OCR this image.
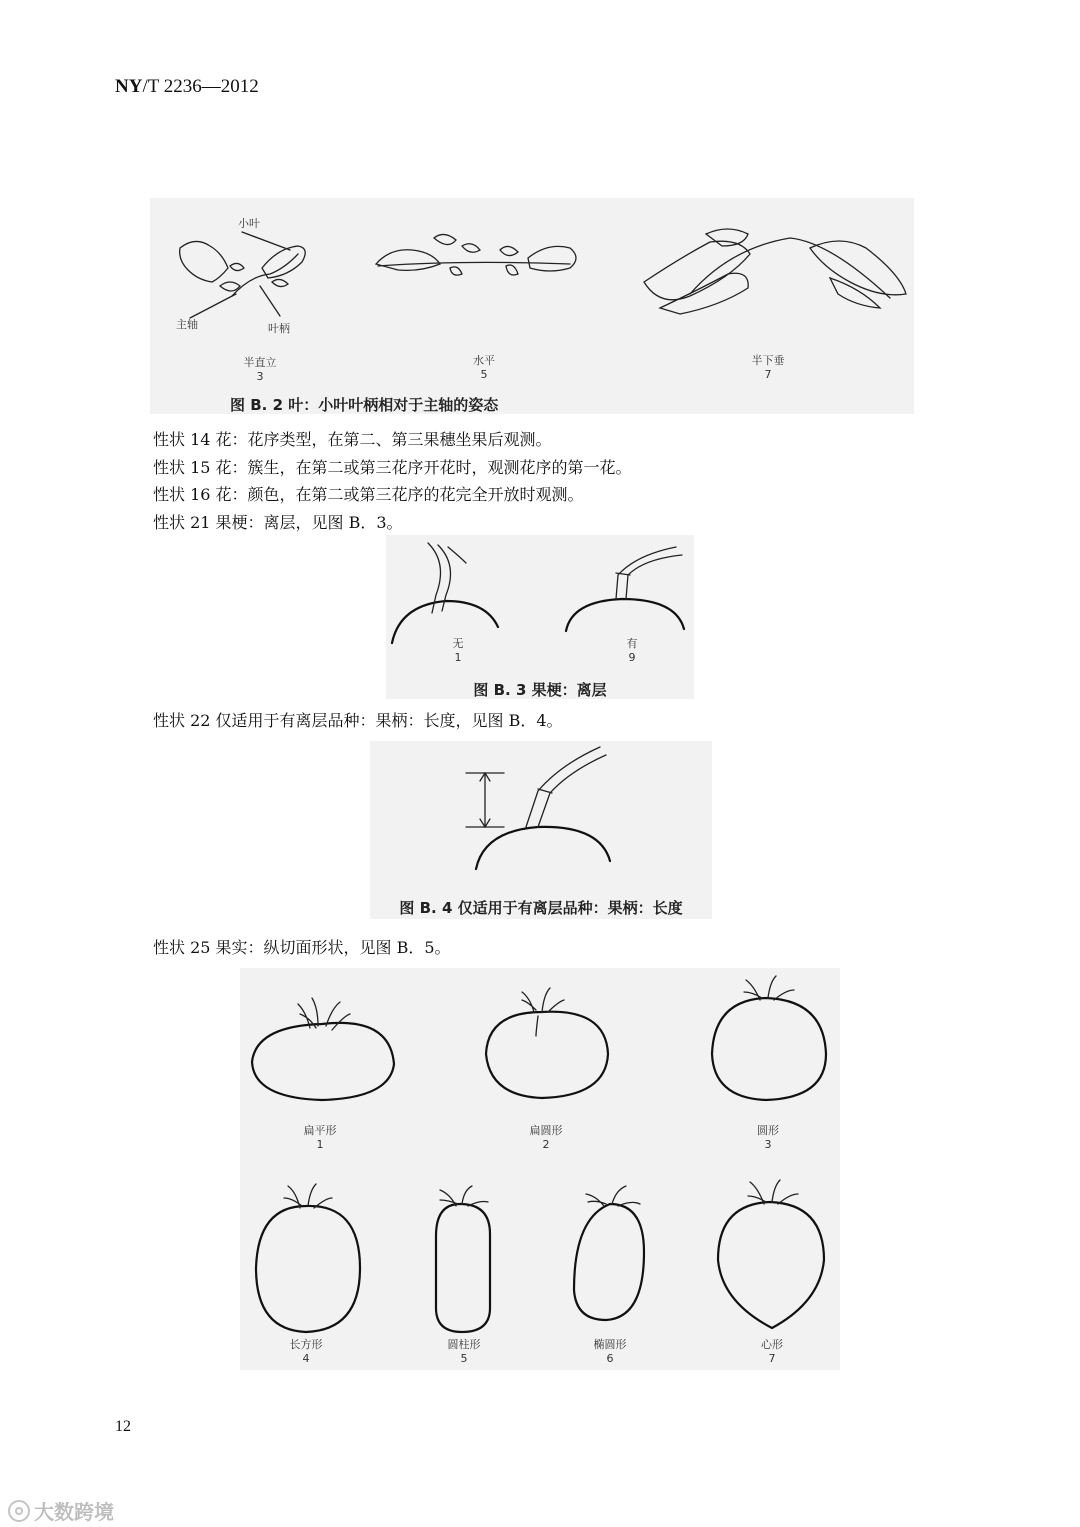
NY/T 2236—2012
小叶
主轴	叶柄
半直立
3
水平
5
半下垂
7
图 B. 2 叶：小叶叶柄相对于主轴的姿态
性状 14 花：花序类型，在第二、第三果穗坐果后观测。
性状 15 花：簇生，在第二或第三花序开花时，观测花序的第一花。
性状 16 花：颜色，在第二或第三花序的花完全开放时观测。
性状 21 果梗：离层，见图 B．3。
无
1
有
9
图 B. 3 果梗：离层
性状 22 仅适用于有离层品种：果柄：长度，见图 B．4。
图 B. 4 仅适用于有离层品种：果柄：长度
性状 25 果实：纵切面形状，见图 B．5。
扁平形
1
扁圆形
2
圆形
3
长方形
4
圆柱形
5
椭圆形
6
心形
7
12
大数跨境
